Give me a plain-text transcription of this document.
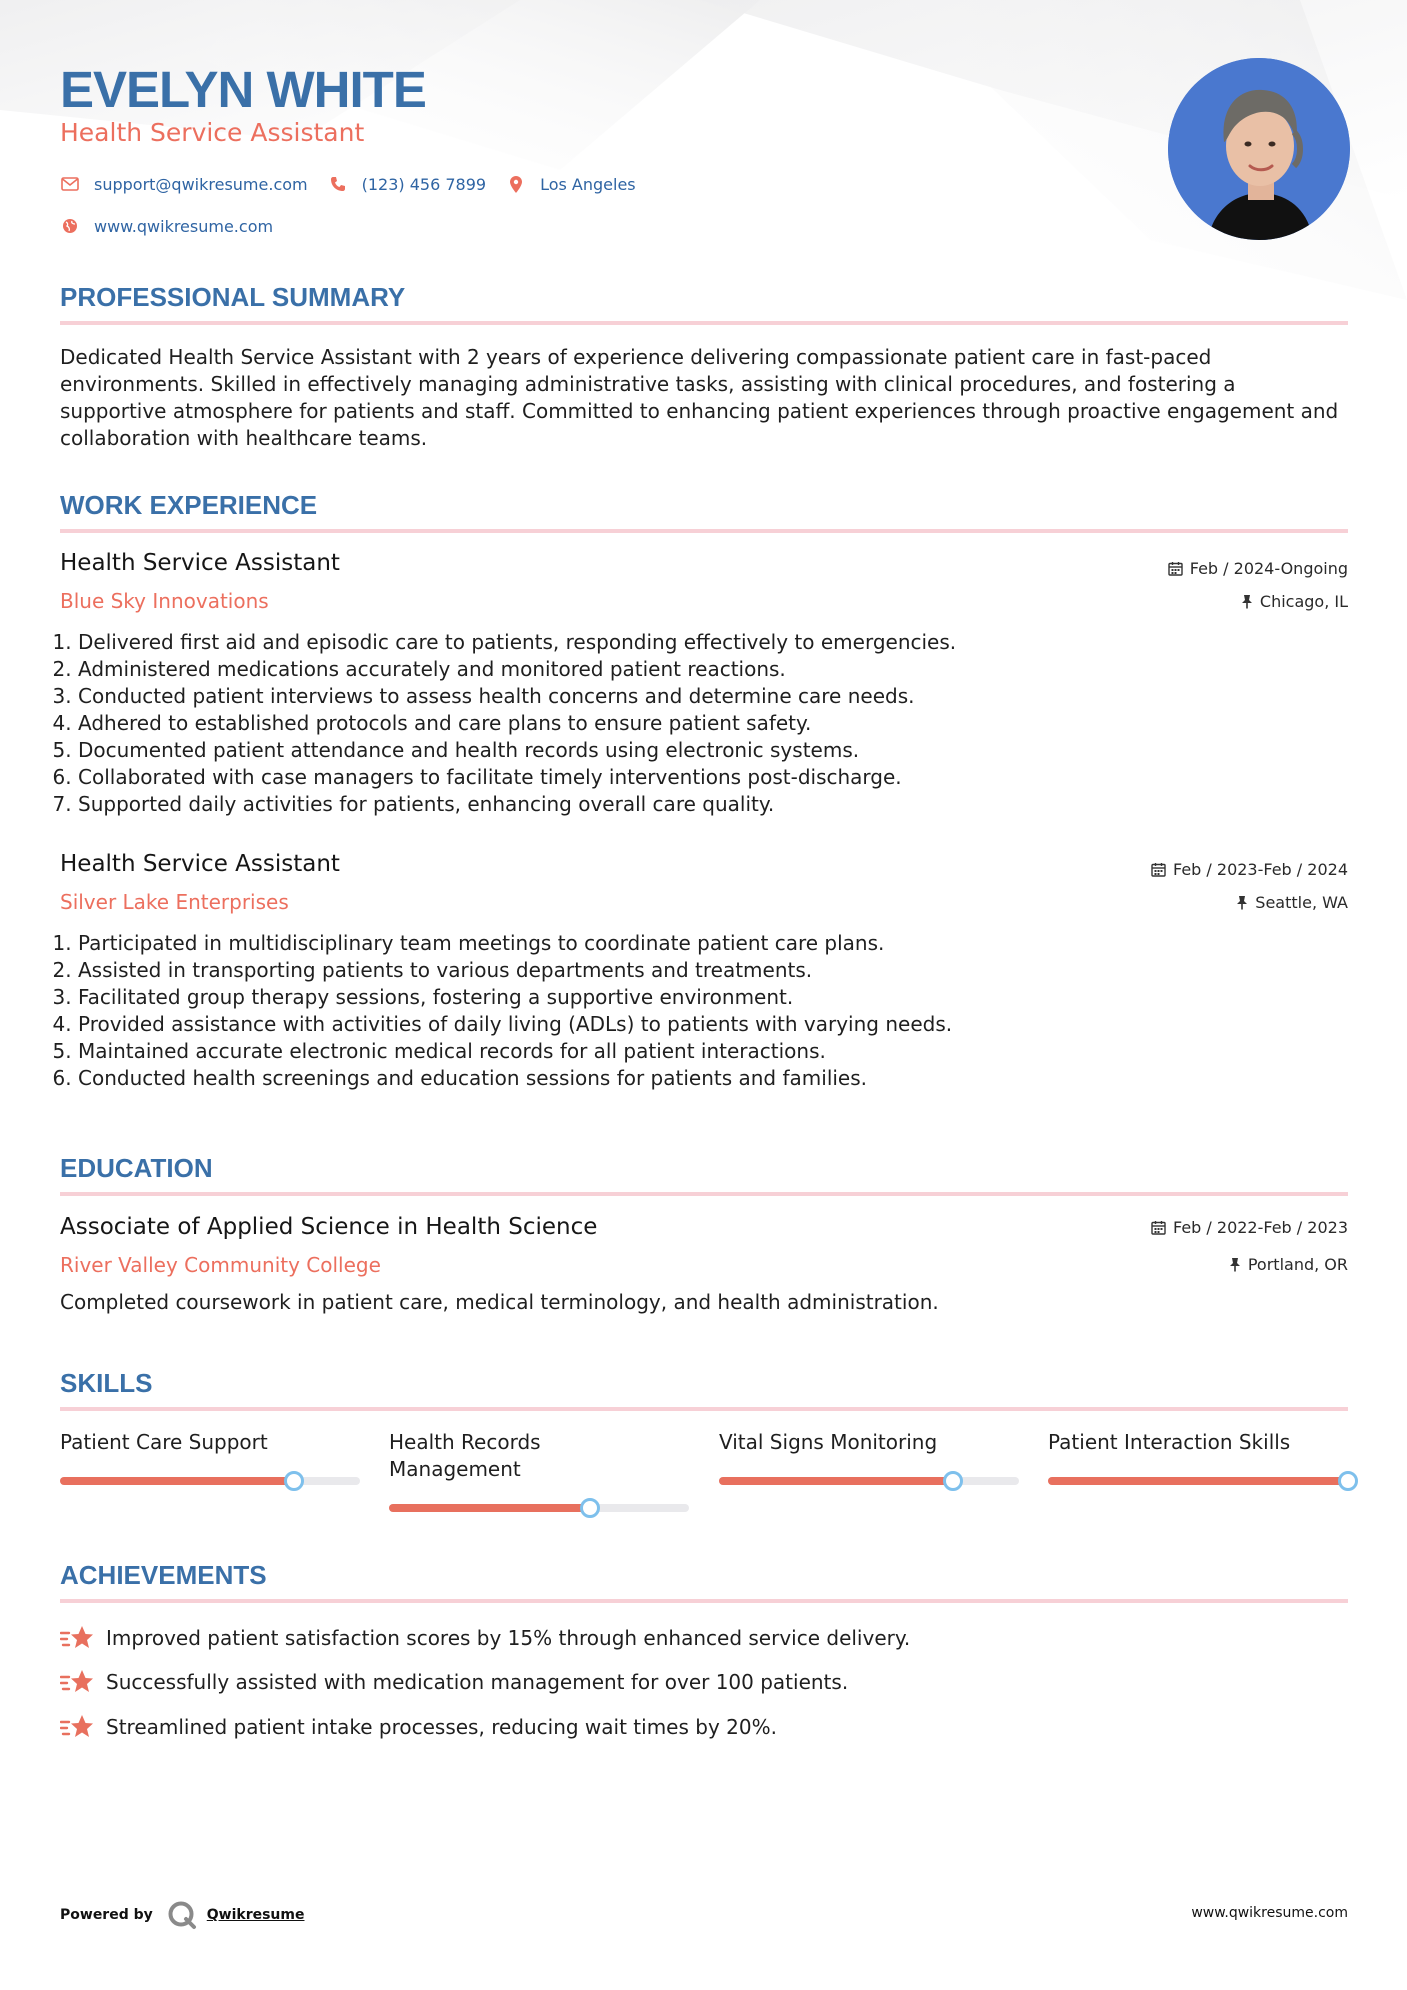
EVELYN WHITE
Health Service Assistant
support@qwikresume.com	(123) 456 7899	Los Angeles
www.qwikresume.com
PROFESSIONAL SUMMARY
Dedicated Health Service Assistant with 2 years of experience delivering compassionate patient care in fast-paced environments. Skilled in effectively managing administrative tasks, assisting with clinical procedures, and fostering a supportive atmosphere for patients and staff. Committed to enhancing patient experiences through proactive engagement and collaboration with healthcare teams.
WORK EXPERIENCE
Health Service Assistant
Blue Sky Innovations
Feb / 2024-Ongoing
Chicago, IL
1. Delivered first aid and episodic care to patients, responding effectively to emergencies.
2. Administered medications accurately and monitored patient reactions.
3. Conducted patient interviews to assess health concerns and determine care needs.
4. Adhered to established protocols and care plans to ensure patient safety.
5. Documented patient attendance and health records using electronic systems.
6. Collaborated with case managers to facilitate timely interventions post-discharge.
7. Supported daily activities for patients, enhancing overall care quality.
Health Service Assistant
Silver Lake Enterprises
Feb / 2023-Feb / 2024
Seattle, WA
1. Participated in multidisciplinary team meetings to coordinate patient care plans.
2. Assisted in transporting patients to various departments and treatments.
3. Facilitated group therapy sessions, fostering a supportive environment.
4. Provided assistance with activities of daily living (ADLs) to patients with varying needs.
5. Maintained accurate electronic medical records for all patient interactions.
6. Conducted health screenings and education sessions for patients and families.
EDUCATION
Associate of Applied Science in Health Science
River Valley Community College
Feb / 2022-Feb / 2023
Portland, OR
Completed coursework in patient care, medical terminology, and health administration.
SKILLS
Patient Care Support	Health Records Management
Vital Signs Monitoring	Patient Interaction Skills
ACHIEVEMENTS
Improved patient satisfaction scores by 15% through enhanced service delivery.
Successfully assisted with medication management for over 100 patients.
Streamlined patient intake processes, reducing wait times by 20%.
Powered by	Qwikresume	www.qwikresume.com
